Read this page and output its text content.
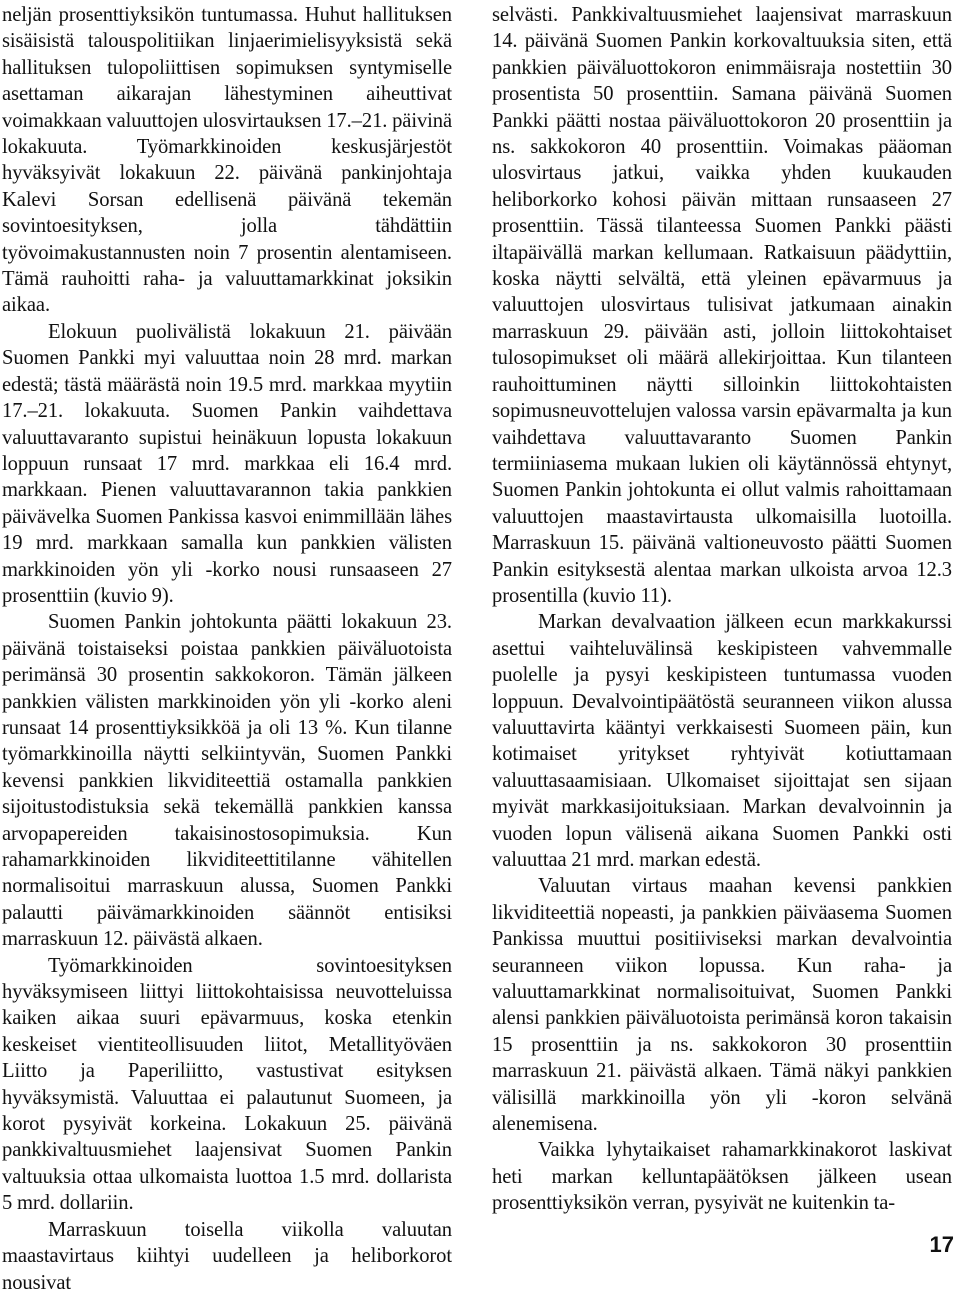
neljän prosenttiyksikön tuntumassa. Huhut hallituksen sisäisistä talouspolitiikan linjaerimielisyyksistä sekä hallituksen tulopoliittisen sopimuksen syntymiselle asettaman aikarajan lähestyminen aiheuttivat voimakkaan valuuttojen ulosvirtauksen 17.–21. päivinä lokakuuta. Työmarkkinoiden keskusjärjestöt hyväksyivät lokakuun 22. päivänä pankinjohtaja Kalevi Sorsan edellisenä päivänä tekemän sovintoesityksen, jolla tähdättiin työvoimakustannusten noin 7 prosentin alentamiseen. Tämä rauhoitti raha- ja valuuttamarkkinat joksikin aikaa.

Elokuun puolivälistä lokakuun 21. päivään Suomen Pankki myi valuuttaa noin 28 mrd. markan edestä; tästä määrästä noin 19.5 mrd. markkaa myytiin 17.–21. lokakuuta. Suomen Pankin vaihdettava valuuttavaranto supistui heinäkuun lopusta lokakuun loppuun runsaat 17 mrd. markkaa eli 16.4 mrd. markkaan. Pienen valuuttavarannon takia pankkien päivävelka Suomen Pankissa kasvoi enimmillään lähes 19 mrd. markkaan samalla kun pankkien välisten markkinoiden yön yli -korko nousi runsaaseen 27 prosenttiin (kuvio 9).

Suomen Pankin johtokunta päätti lokakuun 23. päivänä toistaiseksi poistaa pankkien päiväluotoista perimänsä 30 prosentin sakkokoron. Tämän jälkeen pankkien välisten markkinoiden yön yli -korko aleni runsaat 14 prosenttiyksikköä ja oli 13 %. Kun tilanne työmarkkinoilla näytti selkiintyvän, Suomen Pankki kevensi pankkien likviditeettiä ostamalla pankkien sijoitustodistuksia sekä tekemällä pankkien kanssa arvopapereiden takaisinostosopimuksia. Kun rahamarkkinoiden likviditeettitilanne vähitellen normalisoitui marraskuun alussa, Suomen Pankki palautti päivämarkkinoiden säännöt entisiksi marraskuun 12. päivästä alkaen.

Työmarkkinoiden sovintoesityksen hyväksymiseen liittyi liittokohtaisissa neuvotteluissa kaiken aikaa suuri epävarmuus, koska etenkin keskeiset vientiteollisuuden liitot, Metallityöväen Liitto ja Paperiliitto, vastustivat esityksen hyväksymistä. Valuuttaa ei palautunut Suomeen, ja korot pysyivät korkeina. Lokakuun 25. päivänä pankkivaltuusmiehet laajensivat Suomen Pankin valtuuksia ottaa ulkomaista luottoa 1.5 mrd. dollarista 5 mrd. dollariin.

Marraskuun toisella viikolla valuutan maastavirtaus kiihtyi uudelleen ja heliborkorot nousivat

selvästi. Pankkivaltuusmiehet laajensivat marraskuun 14. päivänä Suomen Pankin korkovaltuuksia siten, että pankkien päiväluottokoron enimmäisraja nostettiin 30 prosentista 50 prosenttiin. Samana päivänä Suomen Pankki päätti nostaa päiväluottokoron 20 prosenttiin ja ns. sakkokoron 40 prosenttiin. Voimakas pääoman ulosvirtaus jatkui, vaikka yhden kuukauden heliborkorko kohosi päivän mittaan runsaaseen 27 prosenttiin. Tässä tilanteessa Suomen Pankki päästi iltapäivällä markan kellumaan. Ratkaisuun päädyttiin, koska näytti selvältä, että yleinen epävarmuus ja valuuttojen ulosvirtaus tulisivat jatkumaan ainakin marraskuun 29. päivään asti, jolloin liittokohtaiset tulosopimukset oli määrä allekirjoittaa. Kun tilanteen rauhoittuminen näytti silloinkin liittokohtaisten sopimusneuvottelujen valossa varsin epävarmalta ja kun vaihdettava valuuttavaranto Suomen Pankin termiiniasema mukaan lukien oli käytännössä ehtynyt, Suomen Pankin johtokunta ei ollut valmis rahoittamaan valuuttojen maastavirtausta ulkomaisilla luotoilla. Marraskuun 15. päivänä valtioneuvosto päätti Suomen Pankin esityksestä alentaa markan ulkoista arvoa 12.3 prosentilla (kuvio 11).

Markan devalvaation jälkeen ecun markkakurssi asettui vaihteluvälinsä keskipisteen vahvemmalle puolelle ja pysyi keskipisteen tuntumassa vuoden loppuun. Devalvointipäätöstä seuranneen viikon alussa valuuttavirta kääntyi verkkaisesti Suomeen päin, kun kotimaiset yritykset ryhtyivät kotiuttamaan valuuttasaamisiaan. Ulkomaiset sijoittajat sen sijaan myivät markkasijoituksiaan. Markan devalvoinnin ja vuoden lopun välisenä aikana Suomen Pankki osti valuuttaa 21 mrd. markan edestä.

Valuutan virtaus maahan kevensi pankkien likviditeettiä nopeasti, ja pankkien päiväasema Suomen Pankissa muuttui positiiviseksi markan devalvointia seuranneen viikon lopussa. Kun raha- ja valuuttamarkkinat normalisoituivat, Suomen Pankki alensi pankkien päiväluotoista perimänsä koron takaisin 15 prosenttiin ja ns. sakkokoron 30 prosenttiin marraskuun 21. päivästä alkaen. Tämä näkyi pankkien välisillä markkinoilla yön yli -koron selvänä alenemisena.

Vaikka lyhytaikaiset rahamarkkinakorot laskivat heti markan kelluntapäätöksen jälkeen usean prosenttiyksikön verran, pysyivät ne kuitenkin ta-

17
